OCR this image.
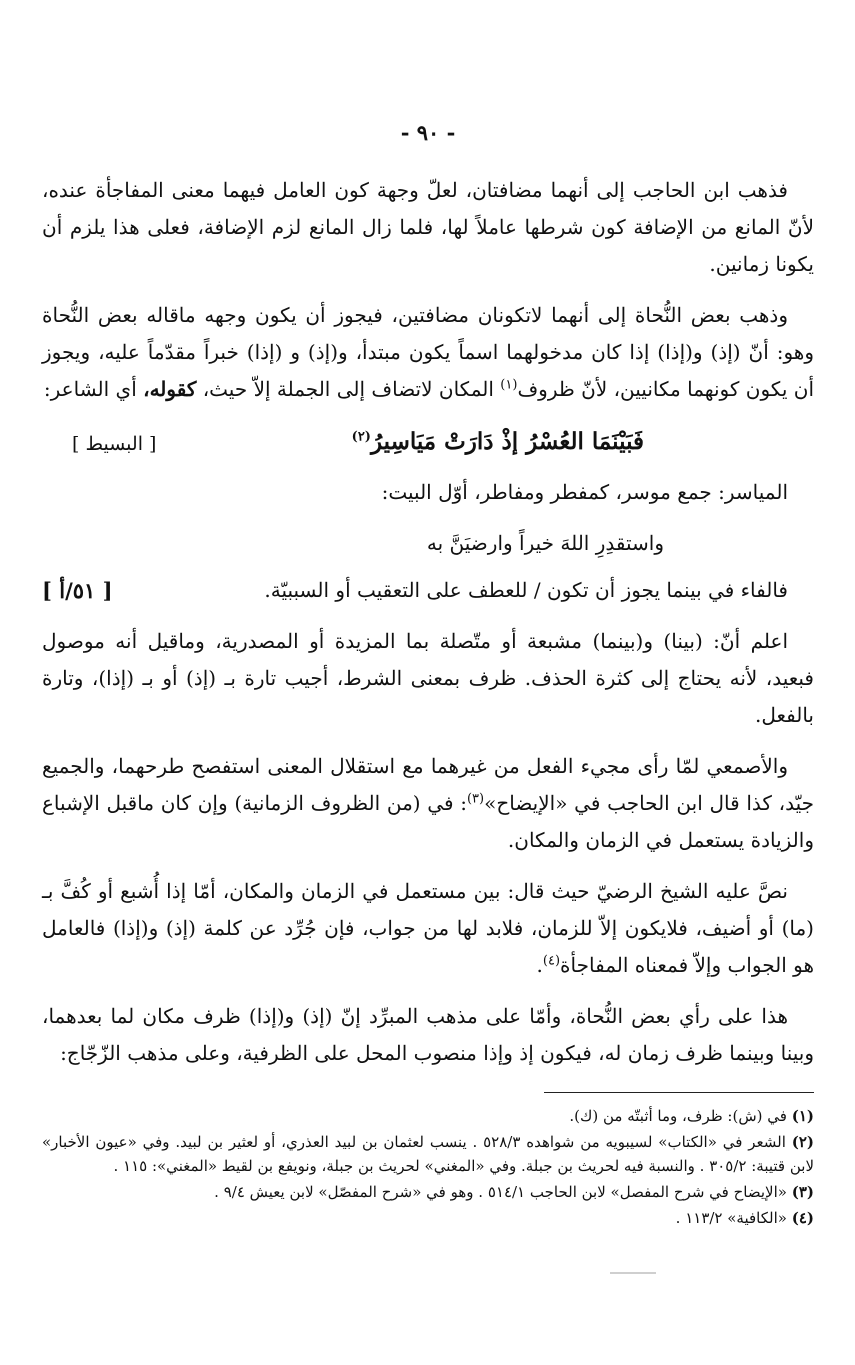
- ٩٠ -

فذهب ابن الحاجب إلى أنهما مضافتان، لعلّ وجهة كون العامل فيهما معنى المفاجأة عنده، لأنّ المانع من الإضافة كون شرطها عاملاً لها، فلما زال المانع لزم الإضافة، فعلى هذا يلزم أن يكونا زمانين.

وذهب بعض النُّحاة إلى أنهما لاتكونان مضافتين، فيجوز أن يكون وجهه ماقاله بعض النُّحاة وهو: أنّ (إذ) و(إذا) إذا كان مدخولهما اسماً يكون مبتدأ، و(إذ) و (إذا) خبراً مقدّماً عليه، ويجوز أن يكون كونهما مكانيين، لأنّ ظروف$^{(١)}$ المكان لاتضاف إلى الجملة إلاّ حيث، كقوله، أي الشاعر:

فَبَيْنَمَا العُسْرُ إذْ دَارَتْ مَيَاسِيرُ$^{(٢)}$
[ البسيط ]

المياسر: جمع موسر، كمفطر ومفاطر، أوّل البيت:

واستقدِرِ اللهَ خيراً وارضيَنَّ به

فالفاء في بينما يجوز أن تكون / للعطف على التعقيب أو السببيّة.

[ ٥١/أ ]

اعلم أنّ: (بينا) و(بينما) مشبعة أو متّصلة بما المزيدة أو المصدرية، وماقيل أنه موصول فبعيد، لأنه يحتاج إلى كثرة الحذف. ظرف بمعنى الشرط، أجيب تارة بـ (إذ) أو بـ (إذا)، وتارة بالفعل.

والأصمعي لمّا رأى مجيء الفعل من غيرهما مع استقلال المعنى استفصح طرحهما، والجميع جيّد، كذا قال ابن الحاجب في «الإيضاح»$^{(٣)}$: في (من الظروف الزمانية) وإن كان ماقبل الإشباع والزيادة يستعمل في الزمان والمكان.

نصَّ عليه الشيخ الرضيّ حيث قال: بين مستعمل في الزمان والمكان، أمّا إذا أُشبع أو كُفَّ بـ (ما) أو أضيف، فلايكون إلاّ للزمان، فلابد لها من جواب، فإن جُرِّد عن كلمة (إذ) و(إذا) فالعامل هو الجواب وإلاّ فمعناه المفاجأة$^{(٤)}$.

هذا على رأي بعض النُّحاة، وأمّا على مذهب المبرِّد إنّ (إذ) و(إذا) ظرف مكان لما بعدهما، وبينا وبينما ظرف زمان له، فيكون إذ وإذا منصوب المحل على الظرفية، وعلى مذهب الزّجّاج:

(١) في (ش): ظرف، وما أثبتّه من (ك).

(٢) الشعر في «الكتاب» لسيبويه من شواهده ٥٢٨/٣ . ينسب لعثمان بن لبيد العذري، أو لعثير بن لبيد. وفي «عيون الأخبار» لابن قتيبة: ٣٠٥/٢ . والنسبة فيه لحريث بن جبلة. وفي «المغني» لحريث بن جبلة، ونويفع بن لقيط «المغني»: ١١٥ .

(٣) «الإيضاح في شرح المفصل» لابن الحاجب ٥١٤/١ . وهو في «شرح المفصّل» لابن يعيش ٩/٤ .

(٤) «الكافية» ١١٣/٢ .
